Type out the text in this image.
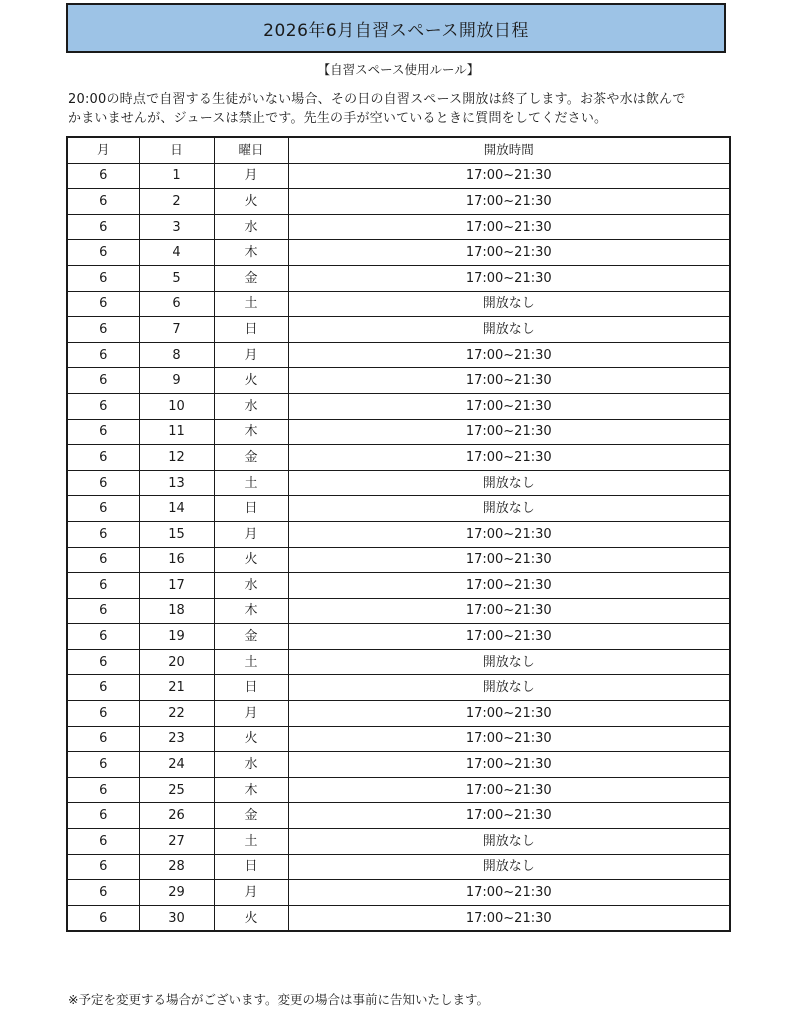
2026年6月自習スペース開放日程
【自習スペース使用ルール】
20:00の時点で自習する生徒がいない場合、その日の自習スペース開放は終了します。お茶や水は飲んで
かまいませんが、ジュースは禁止です。先生の手が空いているときに質問をしてください。
月	日	曜日	開放時間
6	1	月	17:00~21:30
6	2	火	17:00~21:30
6	3	水	17:00~21:30
6	4	木	17:00~21:30
6	5	金	17:00~21:30
6	6	土	開放なし
6	7	日	開放なし
6	8	月	17:00~21:30
6	9	火	17:00~21:30
6	10	水	17:00~21:30
6	11	木	17:00~21:30
6	12	金	17:00~21:30
6	13	土	開放なし
6	14	日	開放なし
6	15	月	17:00~21:30
6	16	火	17:00~21:30
6	17	水	17:00~21:30
6	18	木	17:00~21:30
6	19	金	17:00~21:30
6	20	土	開放なし
6	21	日	開放なし
6	22	月	17:00~21:30
6	23	火	17:00~21:30
6	24	水	17:00~21:30
6	25	木	17:00~21:30
6	26	金	17:00~21:30
6	27	土	開放なし
6	28	日	開放なし
6	29	月	17:00~21:30
6	30	火	17:00~21:30
※予定を変更する場合がございます。変更の場合は事前に告知いたします。
